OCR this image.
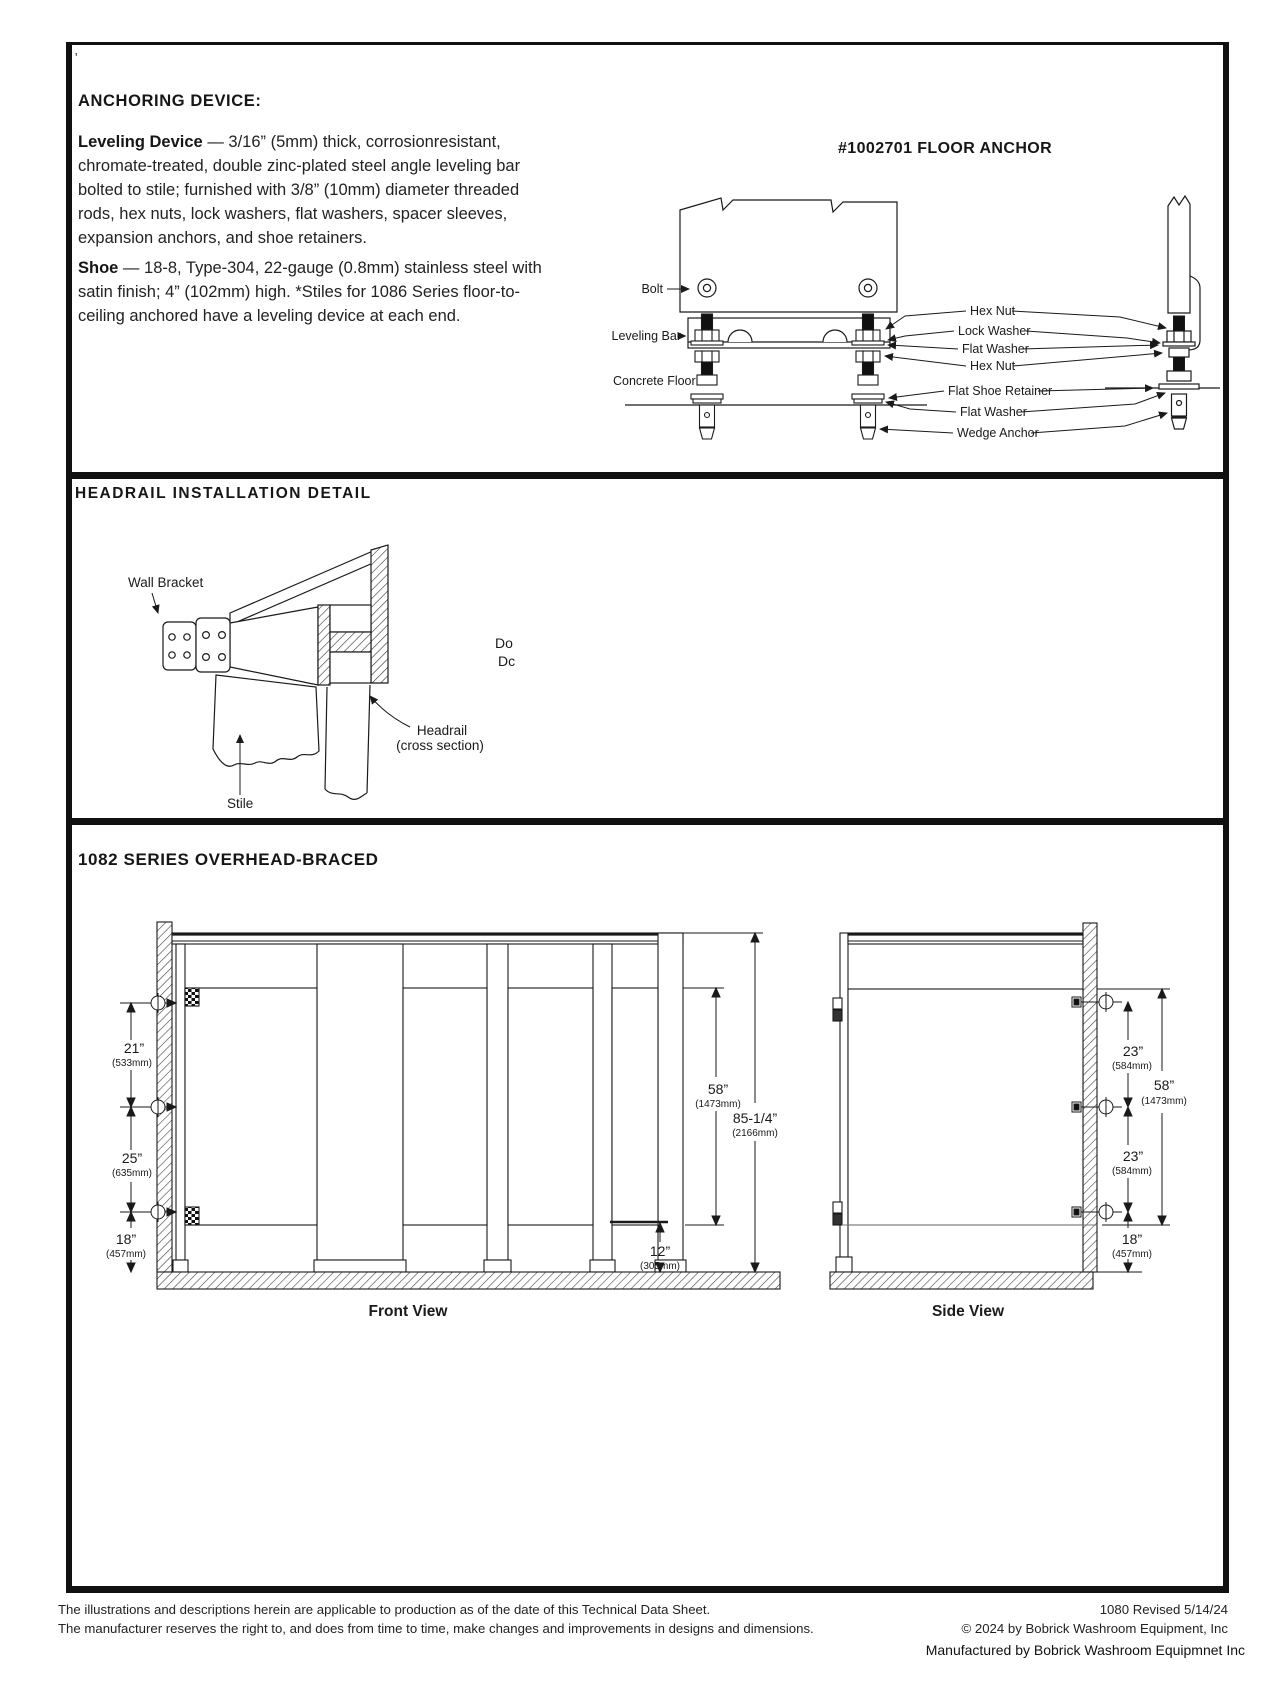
'
ANCHORING DEVICE:

Leveling Device — 3/16” (5mm) thick, corrosionresistant, chromate-treated, double zinc-plated steel angle leveling bar bolted to stile; furnished with 3/8” (10mm) diameter threaded rods, hex nuts, lock washers, flat washers, spacer sleeves, expansion anchors, and shoe retainers.

Shoe — 18-8, Type-304, 22-gauge (0.8mm) stainless steel with satin finish; 4” (102mm) high. *Stiles for 1086 Series floor-to-ceiling anchored have a leveling device at each end.

#1002701 FLOOR ANCHOR
Bolt
Leveling Bar
Concrete Floor
Hex Nut
Lock Washer
Flat Washer
Hex Nut
Flat Shoe Retainer
Flat Washer
Wedge Anchor
HEADRAIL INSTALLATION DETAIL
Wall Bracket
Headrail
(cross section)
Stile
Do
Dc
1082 SERIES OVERHEAD-BRACED
21”
(533mm)
25”
(635mm)
18”
(457mm)
58”
(1473mm)
85-1/4”
(2166mm)
12”
(305mm)
Front View
23”
(584mm)
58”
(1473mm)
23”
(584mm)
18”
(457mm)
Side View
The illustrations and descriptions herein are applicable to production as of the date of this Technical Data Sheet.
The manufacturer reserves the right to, and does from time to time, make changes and improvements in designs and dimensions.
1080 Revised 5/14/24
© 2024 by Bobrick Washroom Equipment, Inc
Manufactured by Bobrick Washroom Equipmnet Inc
